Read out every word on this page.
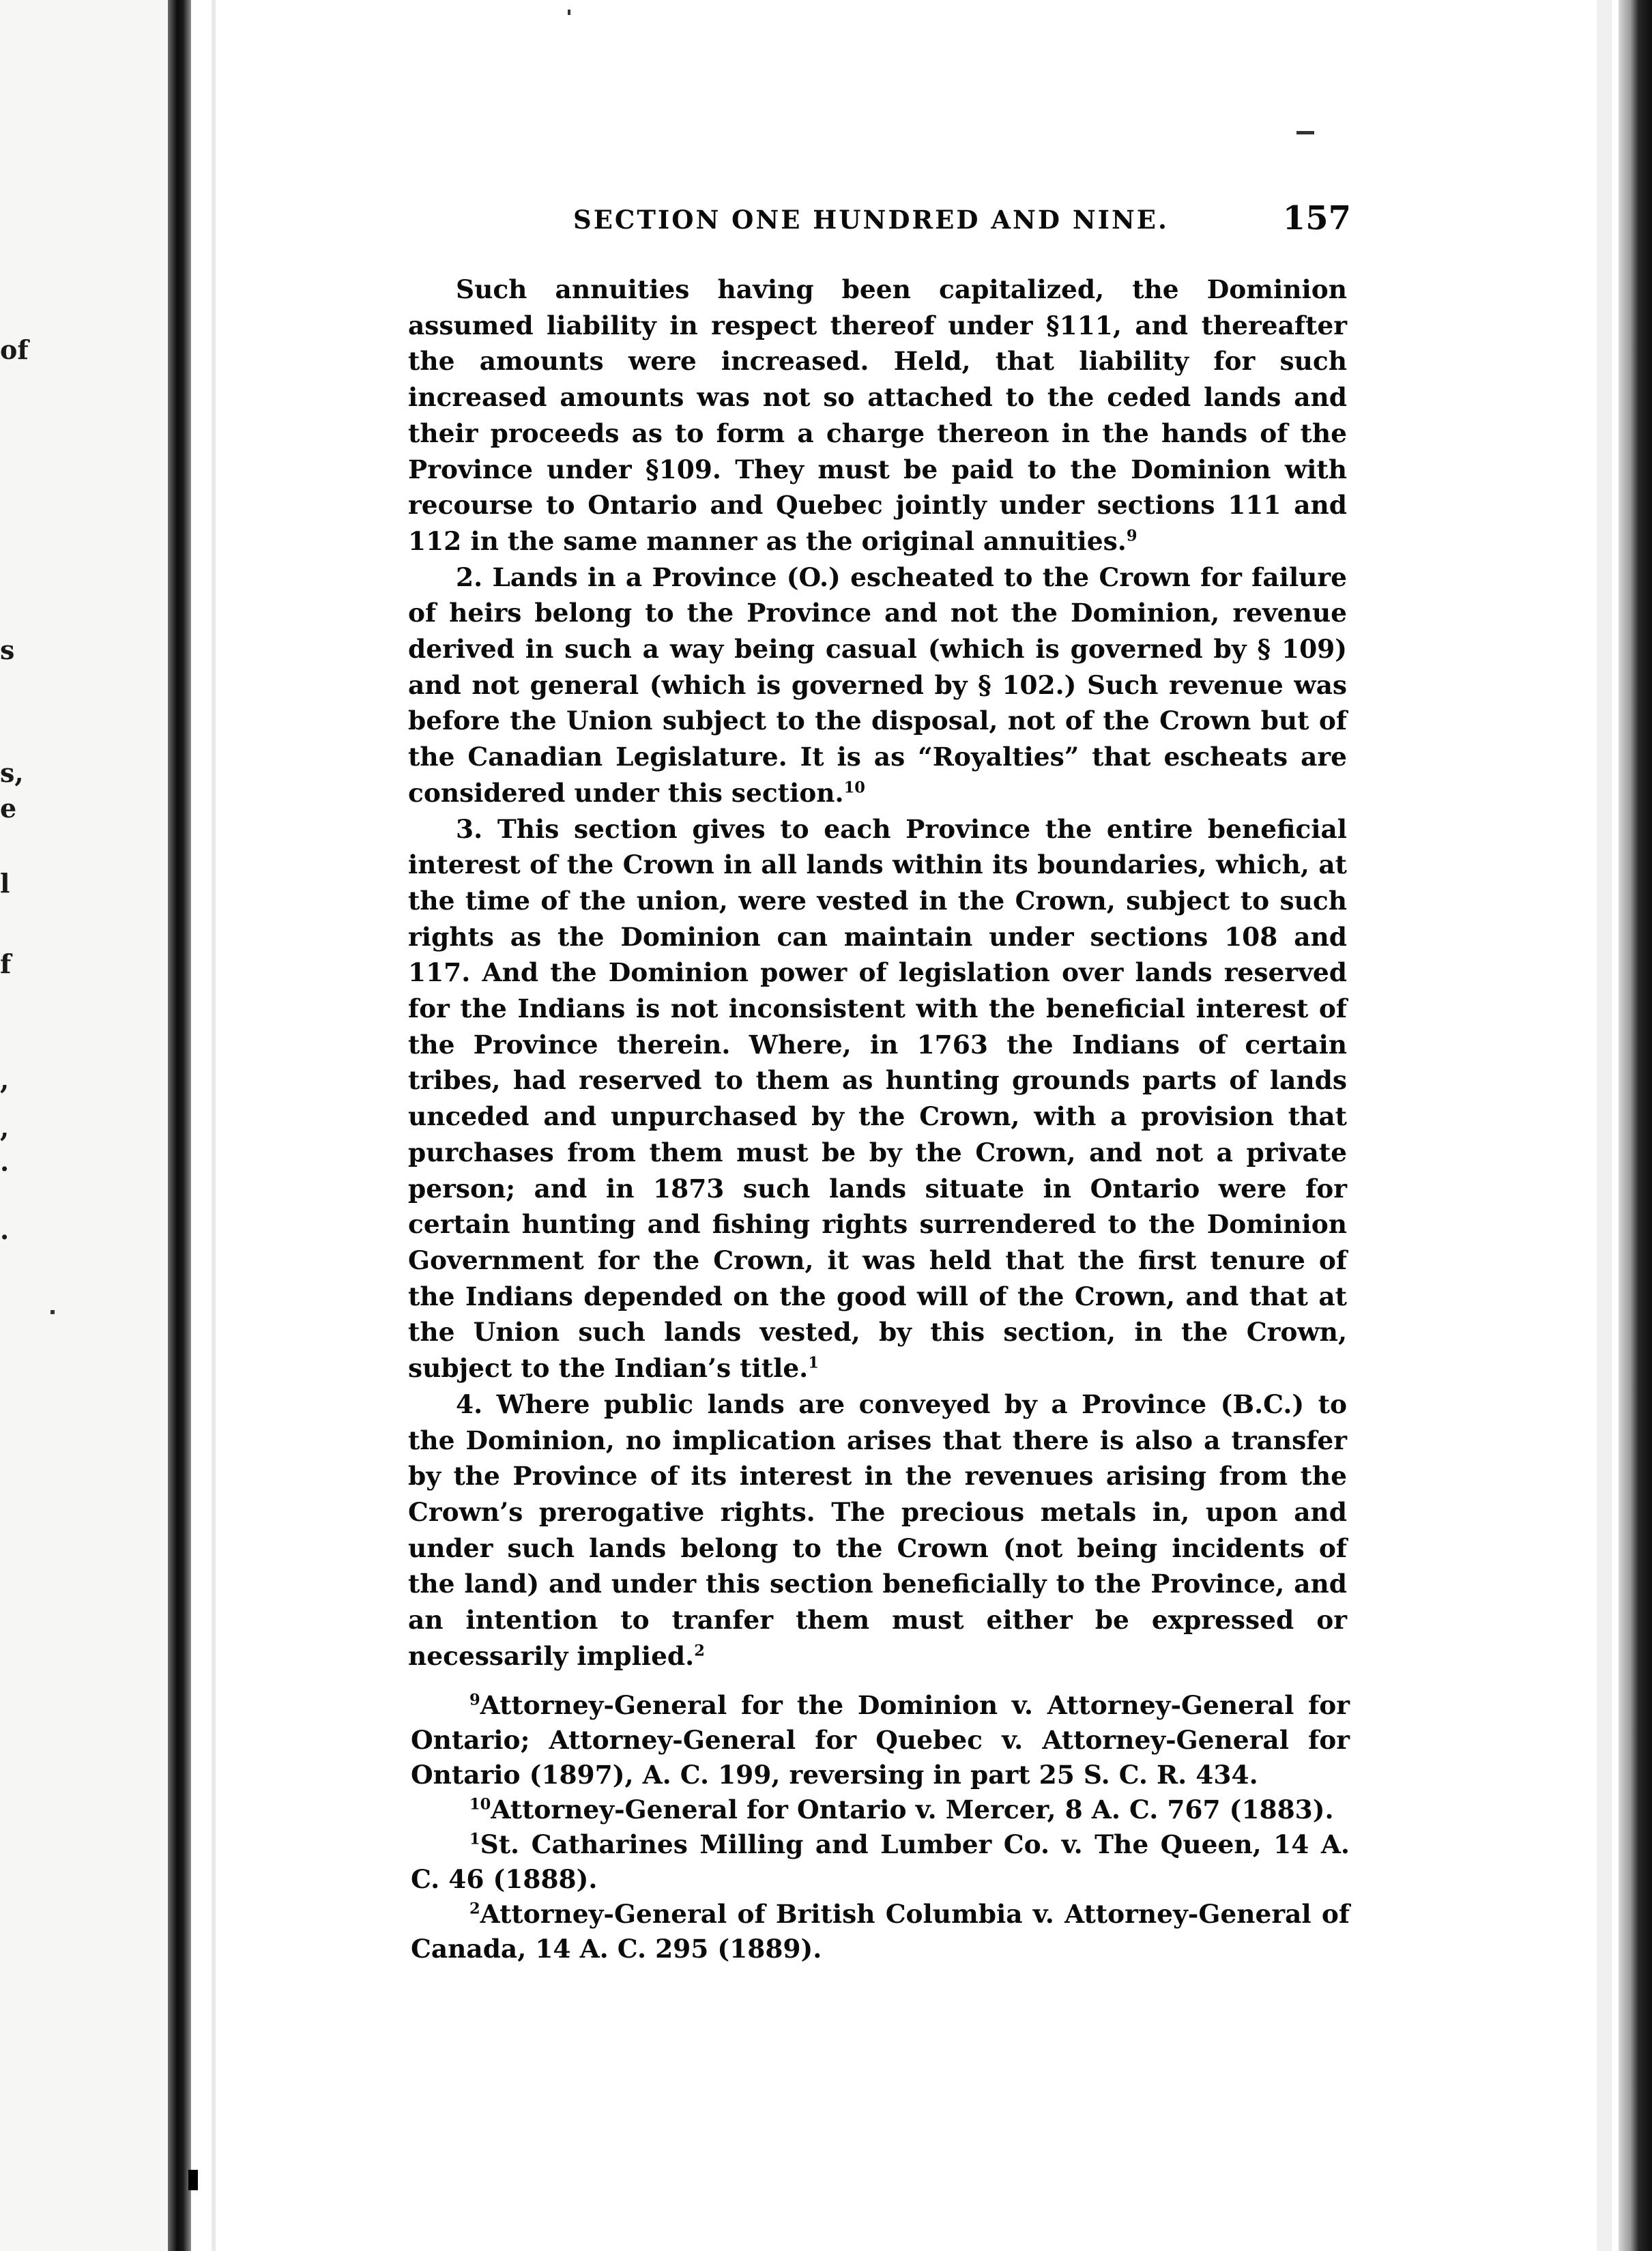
of
s
s,
e
l
f
,
,
.
.
SECTION ONE HUNDRED AND NINE.	157

Such annuities having been capitalized, the Dominion assumed liability in respect thereof under §111, and thereafter the amounts were increased. Held, that liability for such increased amounts was not so attached to the ceded lands and their proceeds as to form a charge thereon in the hands of the Province under §109. They must be paid to the Dominion with recourse to Ontario and Quebec jointly under sections 111 and 112 in the same manner as the original annuities.$^9$

2. Lands in a Province (O.) escheated to the Crown for failure of heirs belong to the Province and not the Dominion, revenue derived in such a way being casual (which is governed by § 109) and not general (which is governed by § 102.) Such revenue was before the Union subject to the disposal, not of the Crown but of the Canadian Legislature. It is as “Royalties” that escheats are considered under this section.$^{10}$

3. This section gives to each Province the entire beneficial interest of the Crown in all lands within its boundaries, which, at the time of the union, were vested in the Crown, subject to such rights as the Dominion can maintain under sections 108 and 117. And the Dominion power of legislation over lands reserved for the Indians is not inconsistent with the beneficial interest of the Province therein. Where, in 1763 the Indians of certain tribes, had reserved to them as hunting grounds parts of lands unceded and unpurchased by the Crown, with a provision that purchases from them must be by the Crown, and not a private person; and in 1873 such lands situate in Ontario were for certain hunting and fishing rights surrendered to the Dominion Government for the Crown, it was held that the first tenure of the Indians depended on the good will of the Crown, and that at the Union such lands vested, by this section, in the Crown, subject to the Indian’s title.$^1$

4. Where public lands are conveyed by a Province (B.C.) to the Dominion, no implication arises that there is also a transfer by the Province of its interest in the revenues arising from the Crown’s prerogative rights. The precious metals in, upon and under such lands belong to the Crown (not being incidents of the land) and under this section beneficially to the Province, and an intention to tranfer them must either be expressed or necessarily implied.$^2$

$^9$Attorney-General for the Dominion v. Attorney-General for Ontario; Attorney-General for Quebec v. Attorney-General for Ontario (1897), A. C. 199, reversing in part 25 S. C. R. 434.

$^{10}$Attorney-General for Ontario v. Mercer, 8 A. C. 767 (1883).

$^1$St. Catharines Milling and Lumber Co. v. The Queen, 14 A. C. 46 (1888).

$^2$Attorney-General of British Columbia v. Attorney-General of Canada, 14 A. C. 295 (1889).
